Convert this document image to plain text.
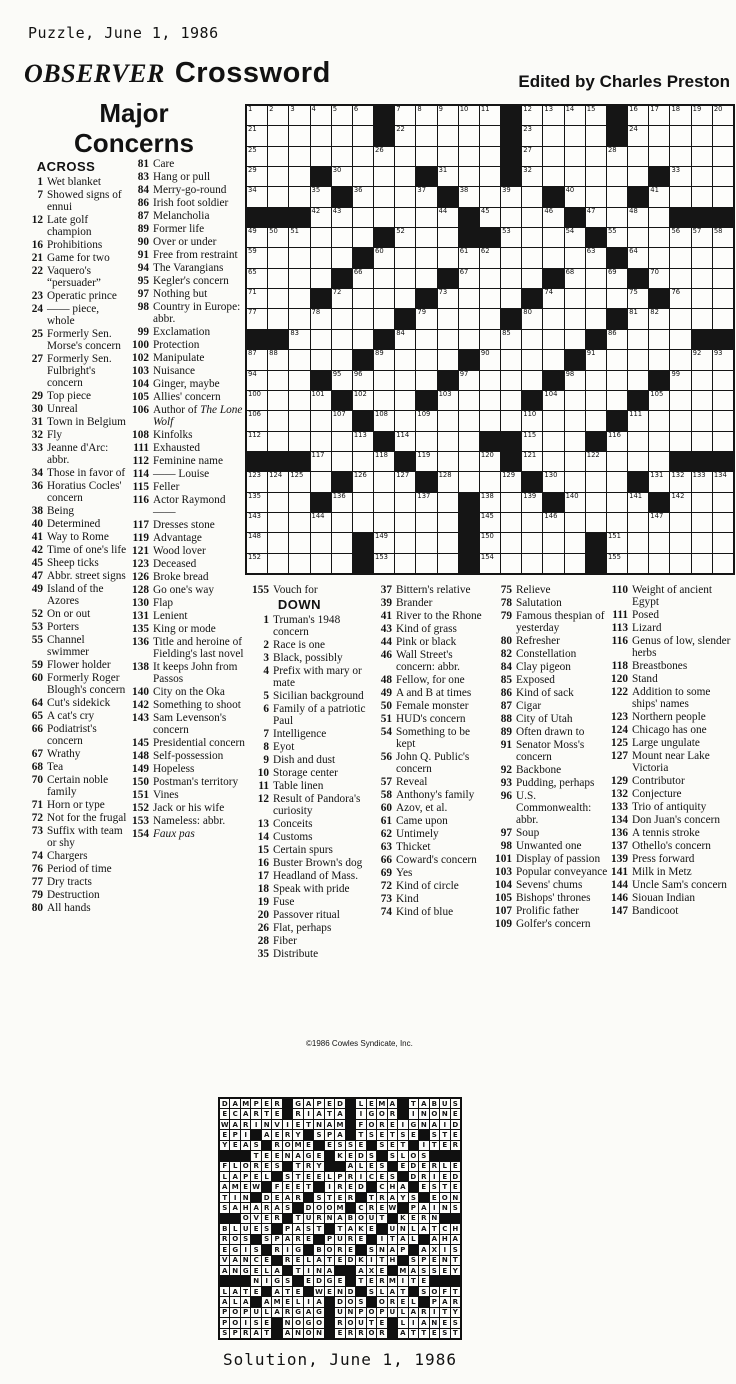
Puzzle, June 1, 1986
OBSERVER Crossword	Edited by Charles Preston
Major
Concerns
1 2 3 4 5 6	7 8 9 10 11	12 13 14 15	16 17 18 19 20
21	22	23	24
25	26	27	28
29	30	31	32	33
34	35	36	37	38	39	40	41
42 43	44	45	46	47	48
49 50 51	52	53	54	55	56 57 58
59	60	61 62	63	64
65	66	67	68	69	70
71	72	73	74	75	76
77	78	79	80	81 82
83	84	85	86
87 88	89	90	91	92 93
94	95 96	97	98	99
100	101	102	103	104	105
106	107	108	109	110	111
112	113	114	115	116
117	118	119	120	121	122
123 124 125	126	127	128	129	130	131 132 133 134
135	136	137	138	139	140	141	142
143	144	145	146	147
148	149	150	151
152	153	154	155
ACROSS
1 Wet blanket
7 Showed signs of ennui
12 Late golf champion
16 Prohibitions
21 Game for two
22 Vaquero's “persuader”
23 Operatic prince
24 —— piece, whole
25 Formerly Sen. Morse's concern
27 Formerly Sen. Fulbright's concern
29 Top piece
30 Unreal
31 Town in Belgium
32 Fly
33 Jeanne d'Arc: abbr.
34 Those in favor of
36 Horatius Cocles' concern
38 Being
40 Determined
41 Way to Rome
42 Time of one's life
45 Sheep ticks
47 Abbr. street signs
49 Island of the Azores
52 On or out
53 Porters
55 Channel swimmer
59 Flower holder
60 Formerly Roger Blough's concern
64 Cut's sidekick
65 A cat's cry
66 Podiatrist's concern
67 Wrathy
68 Tea
70 Certain noble family
71 Horn or type
72 Not for the frugal
73 Suffix with team or shy
74 Chargers
76 Period of time
77 Dry tracts
79 Destruction
80 All hands
81 Care
83 Hang or pull
84 Merry-go-round
86 Irish foot soldier
87 Melancholia
89 Former life
90 Over or under
91 Free from restraint
94 The Varangians
95 Kegler's concern
97 Nothing but
98 Country in Europe: abbr.
99 Exclamation
100 Protection
102 Manipulate
103 Nuisance
104 Ginger, maybe
105 Allies' concern
106 Author of The Lone Wolf
108 Kinfolks
111 Exhausted
112 Feminine name
114 —— Louise
115 Feller
116 Actor Raymond ——
117 Dresses stone
119 Advantage
121 Wood lover
123 Deceased
126 Broke bread
128 Go one's way
130 Flap
131 Lenient
135 King or mode
136 Title and heroine of Fielding's last novel
138 It keeps John from Passos
140 City on the Oka
142 Something to shoot
143 Sam Levenson's concern
145 Presidential concern
148 Self-possession
149 Hopeless
150 Postman's territory
151 Vines
152 Jack or his wife
153 Nameless: abbr.
154 Faux pas
155 Vouch for
DOWN
1 Truman's 1948 concern
2 Race is one
3 Black, possibly
4 Prefix with mary or mate
5 Sicilian background
6 Family of a patriotic Paul
7 Intelligence
8 Eyot
9 Dish and dust
10 Storage center
11 Table linen
12 Result of Pandora's curiosity
13 Conceits
14 Customs
15 Certain spurs
16 Buster Brown's dog
17 Headland of Mass.
18 Speak with pride
19 Fuse
20 Passover ritual
26 Flat, perhaps
28 Fiber
35 Distribute
37 Bittern's relative
39 Brander
41 River to the Rhone
43 Kind of grass
44 Pink or black
46 Wall Street's concern: abbr.
48 Fellow, for one
49 A and B at times
50 Female monster
51 HUD's concern
54 Something to be kept
56 John Q. Public's concern
57 Reveal
58 Anthony's family
60 Azov, et al.
61 Came upon
62 Untimely
63 Thicket
66 Coward's concern
69 Yes
72 Kind of circle
73 Kind
74 Kind of blue
75 Relieve
78 Salutation
79 Famous thespian of yesterday
80 Refresher
82 Constellation
84 Clay pigeon
85 Exposed
86 Kind of sack
87 Cigar
88 City of Utah
89 Often drawn to
91 Senator Moss's concern
92 Backbone
93 Pudding, perhaps
96 U.S. Commonwealth: abbr.
97 Soup
98 Unwanted one
101 Display of passion
103 Popular conveyance
104 Sevens' chums
105 Bishops' thrones
107 Prolific father
109 Golfer's concern
110 Weight of ancient Egypt
111 Posed
113 Lizard
116 Genus of low, slender herbs
118 Breastbones
120 Stand
122 Addition to some ships' names
123 Northern people
124 Chicago has one
125 Large ungulate
127 Mount near Lake Victoria
129 Contributor
132 Conjecture
133 Trio of antiquity
134 Don Juan's concern
136 A tennis stroke
137 Othello's concern
139 Press forward
141 Milk in Metz
144 Uncle Sam's concern
146 Siouan Indian
147 Bandicoot
©1986 Cowles Syndicate, Inc.
D A M P E R G A P E D	L E M A	T A B U S
E C A R T E	R I A T A	I G O R	I N O N E
W A R I N V I E T N A M	F O R E I G N A I D
E P I	A E R Y	S P A	T S E T S E	S T E
Y E A S	R O M E	E S S E	S E T	I T E R
T E E N A G E	K E D S	S L O S
F L O R E S	T R Y	A L E S	E D E R L E
L A P E L	S T E E L P R I C E S	D R I E D
A M E W	F E E T	I R E D	C H A	E S T E
T I N D E A R	S T E R	T R A Y S	E O N
S A H A R A S	D O O M	C R E W	P A I N S
O V E R	T U R N A B O U T	K E R N
B L U E S	P A S T	T A K E	U N L A T C H
R O S	S P A R E	P U R E	I T A L	A H A
E G I S	R I G B O R E	S N A P	A X I S
V A N C E	R E L A T E D K I T H	S P E N T
A N G E L A	T I N A	A X E	M A S S E Y
N I G S	E D G E	T E R M I T E
L A T E	A T E	W E N D	S L A T	S O F T
A L A A M E L I A D O S	O R E L	P A R
P O P U L A R G A G U N P O P U L A R I T Y
P O I S E	N O G O R O U T E	L I A N E S
S P R A T	A N O N	E R R O R A T T E S T
Solution, June 1, 1986
